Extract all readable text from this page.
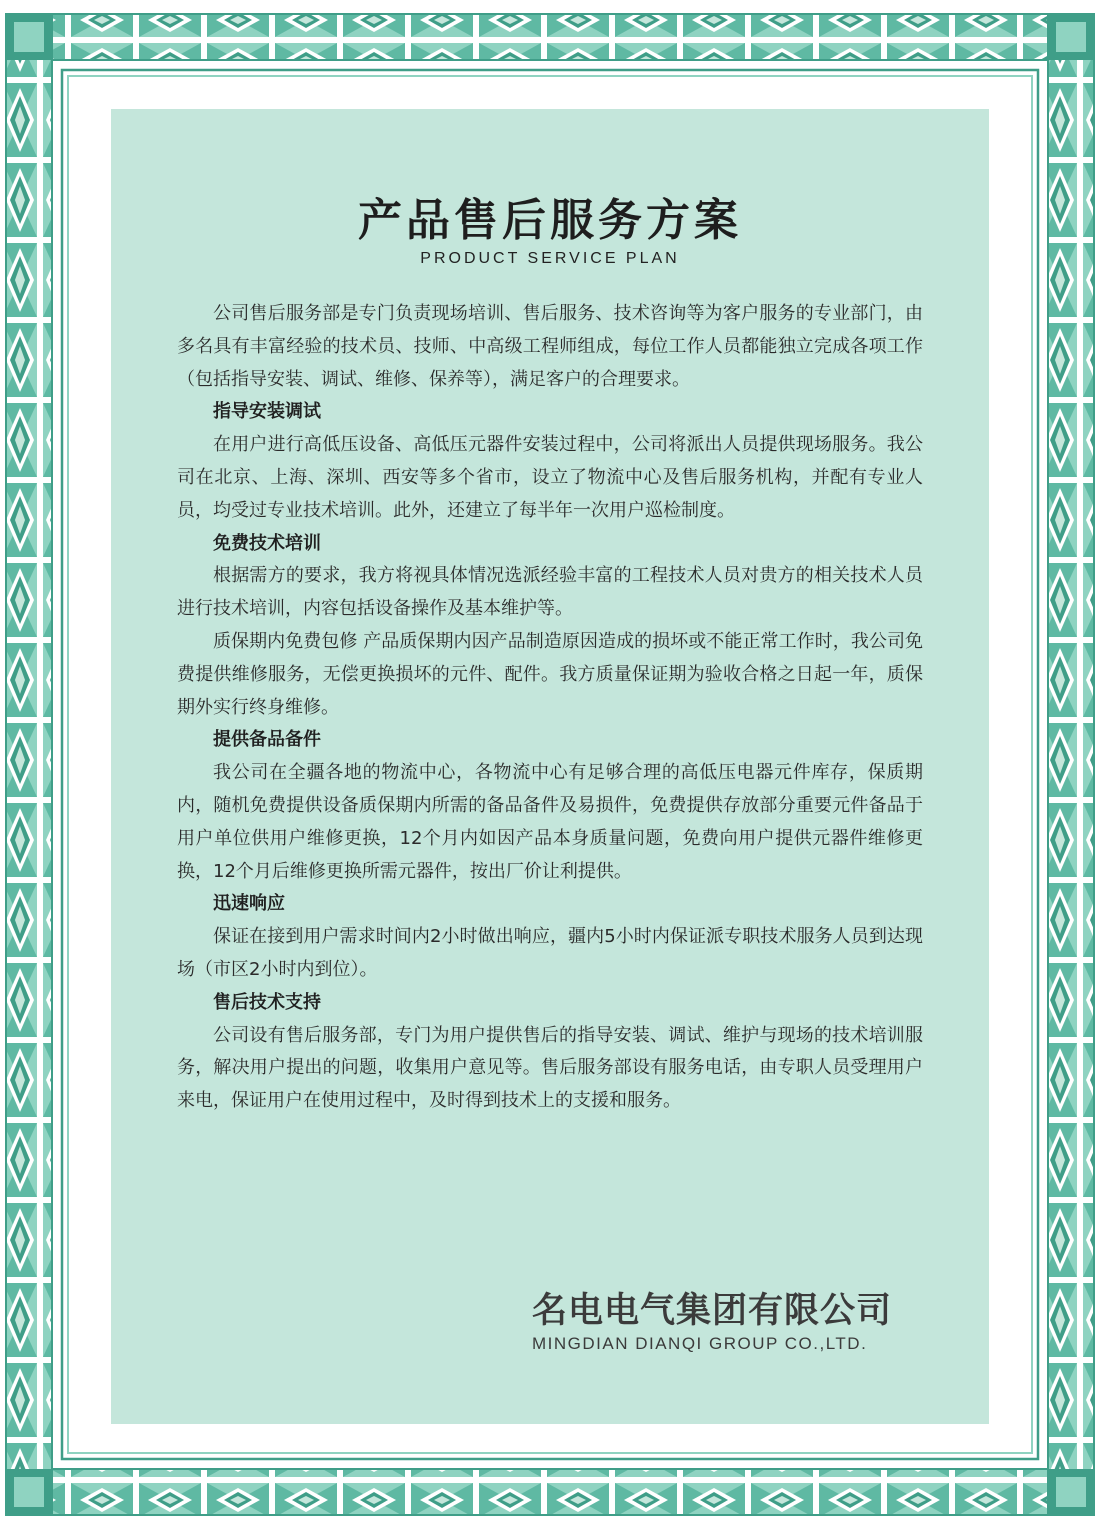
产品售后服务方案
PRODUCT SERVICE PLAN

公司售后服务部是专门负责现场培训、售后服务、技术咨询等为客户服务的专业部门，由多名具有丰富经验的技术员、技师、中高级工程师组成，每位工作人员都能独立完成各项工作（包括指导安装、调试、维修、保养等），满足客户的合理要求。

指导安装调试

在用户进行高低压设备、高低压元器件安装过程中，公司将派出人员提供现场服务。我公司在北京、上海、深圳、西安等多个省市，设立了物流中心及售后服务机构，并配有专业人员，均受过专业技术培训。此外，还建立了每半年一次用户巡检制度。

免费技术培训

根据需方的要求，我方将视具体情况选派经验丰富的工程技术人员对贵方的相关技术人员进行技术培训，内容包括设备操作及基本维护等。

质保期内免费包修 产品质保期内因产品制造原因造成的损坏或不能正常工作时，我公司免费提供维修服务，无偿更换损坏的元件、配件。我方质量保证期为验收合格之日起一年，质保期外实行终身维修。

提供备品备件

我公司在全疆各地的物流中心，各物流中心有足够合理的高低压电器元件库存，保质期内，随机免费提供设备质保期内所需的备品备件及易损件，免费提供存放部分重要元件备品于用户单位供用户维修更换，12个月内如因产品本身质量问题，免费向用户提供元器件维修更换，12个月后维修更换所需元器件，按出厂价让利提供。

迅速响应

保证在接到用户需求时间内2小时做出响应，疆内5小时内保证派专职技术服务人员到达现场（市区2小时内到位）。

售后技术支持

公司设有售后服务部，专门为用户提供售后的指导安装、调试、维护与现场的技术培训服务，解决用户提出的问题，收集用户意见等。售后服务部设有服务电话，由专职人员受理用户来电，保证用户在使用过程中，及时得到技术上的支援和服务。

名电电气集团有限公司
MINGDIAN DIANQI GROUP CO.,LTD.
